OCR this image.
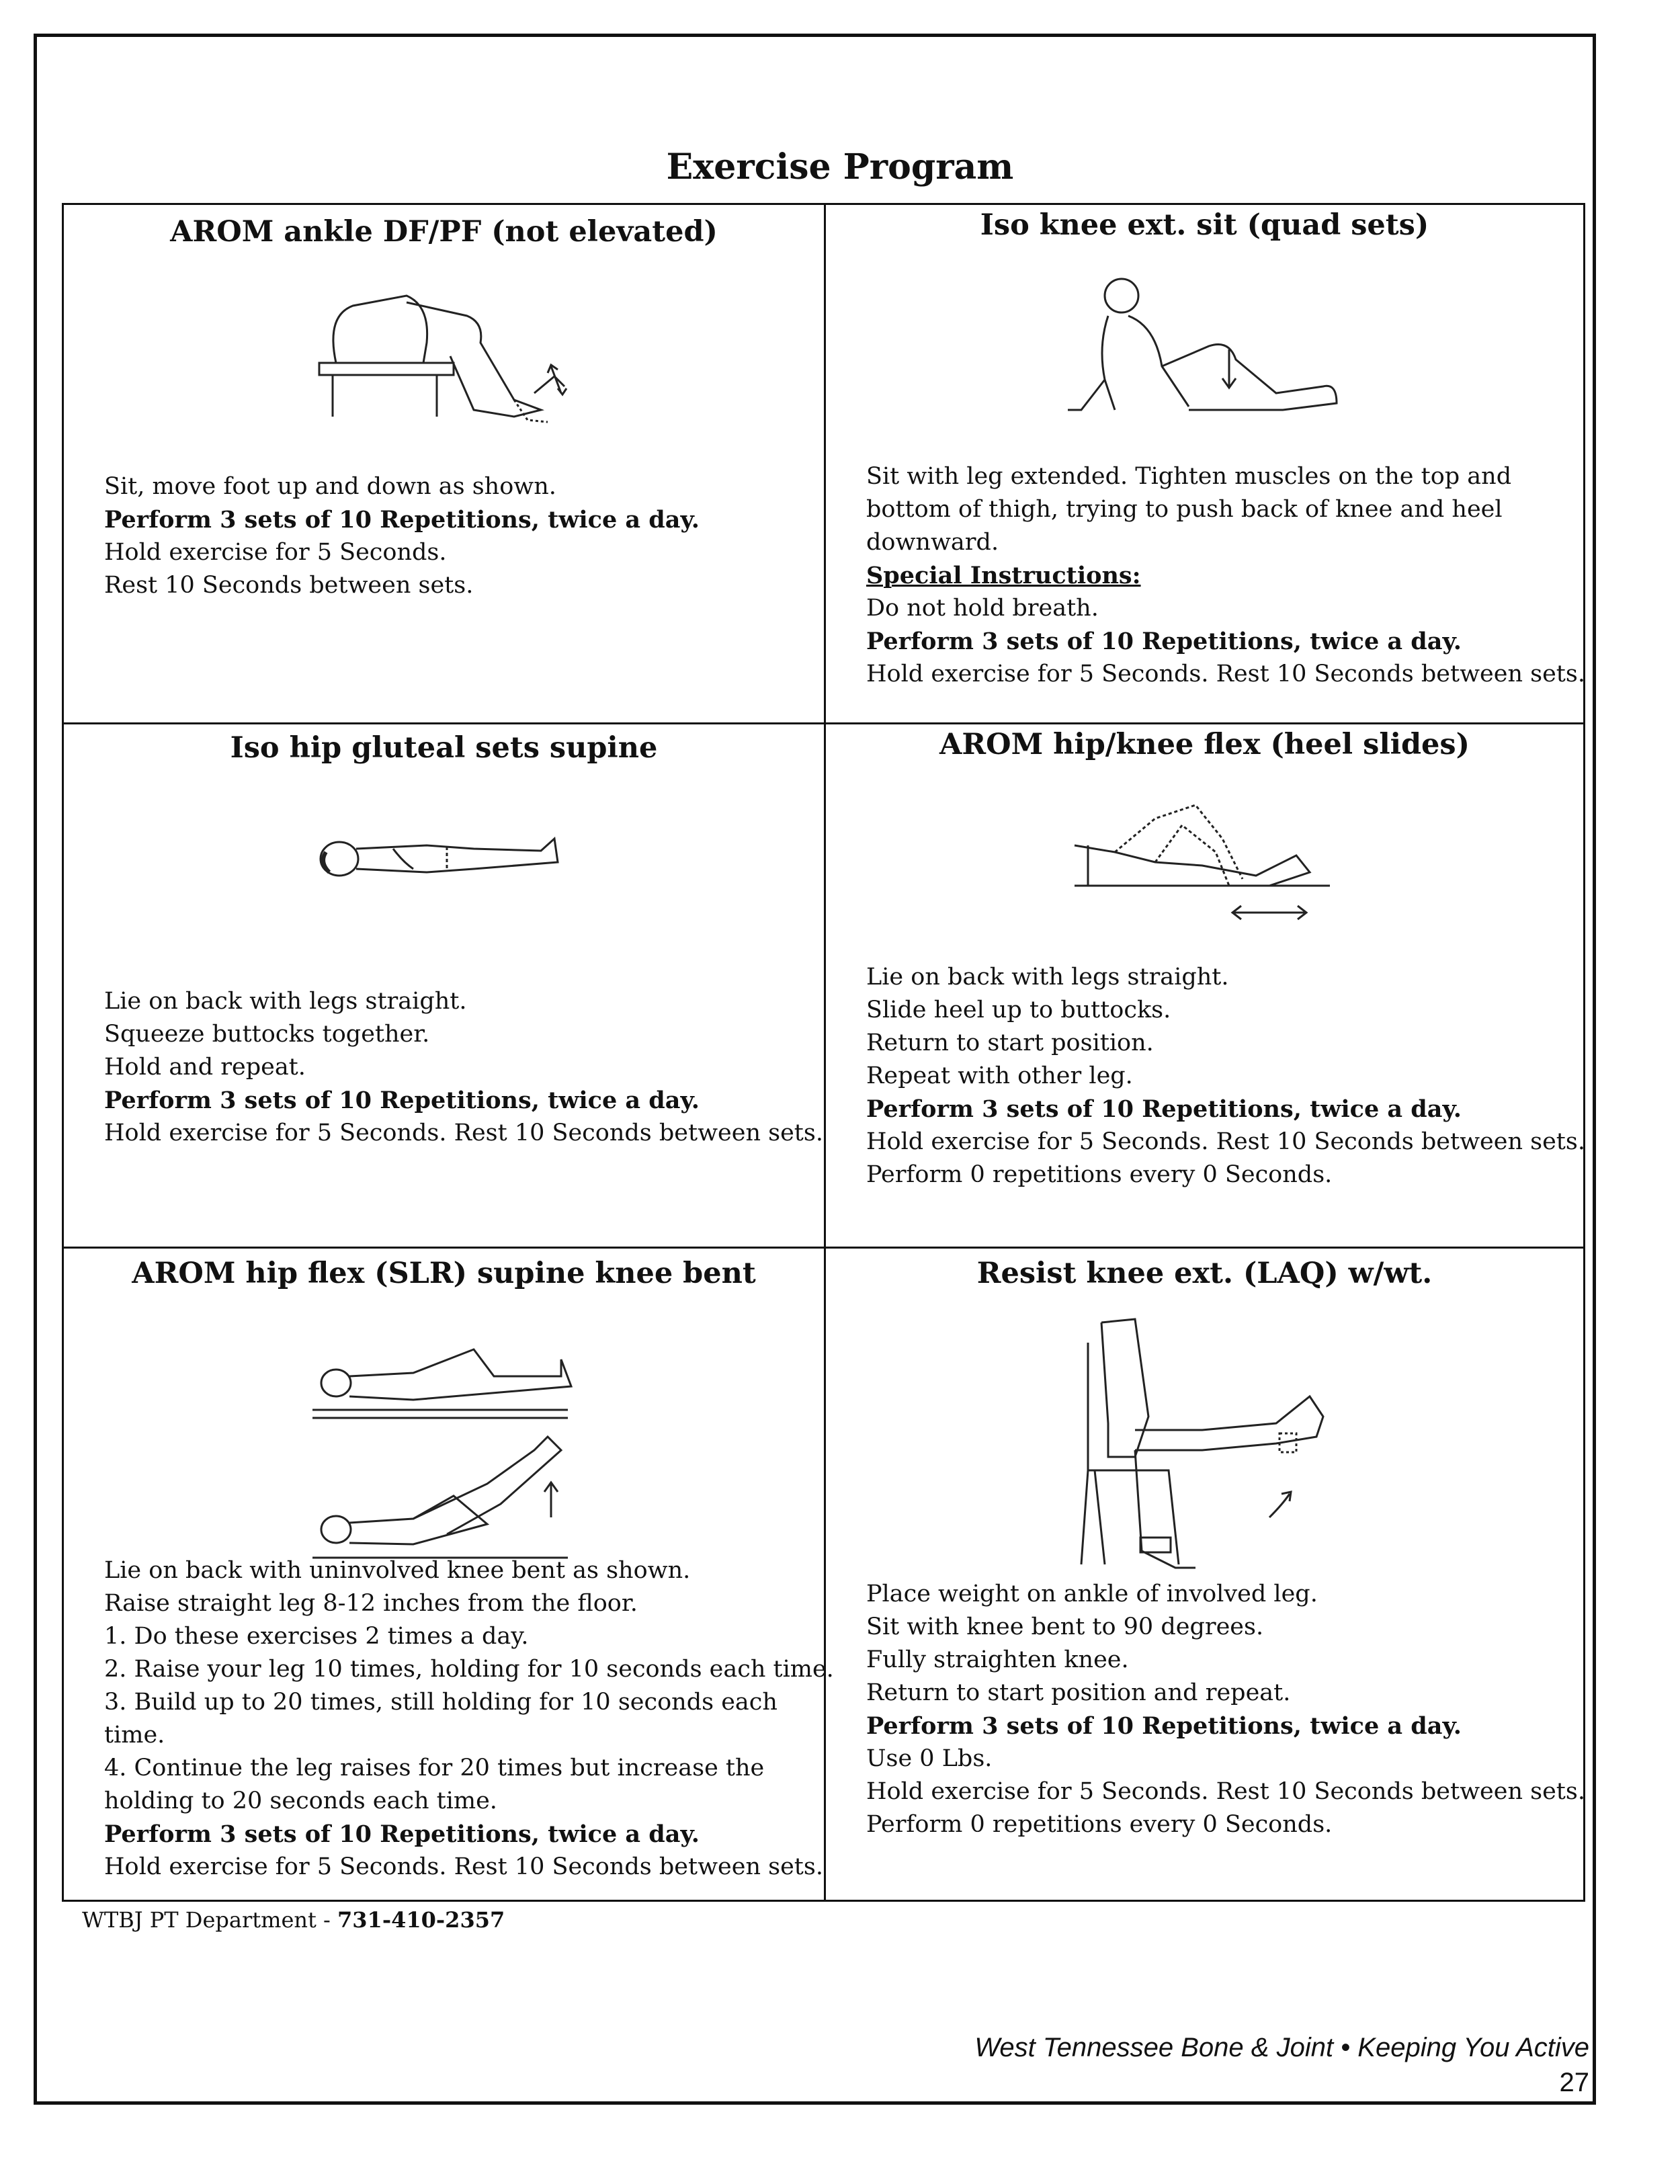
Exercise Program
AROM ankle DF/PF (not elevated)
Sit, move foot up and down as shown.
Perform 3 sets of 10 Repetitions, twice a day.
Hold exercise for 5 Seconds.
Rest 10 Seconds between sets.
Iso knee ext. sit (quad sets)
Sit with leg extended. Tighten muscles on the top and
bottom of thigh, trying to push back of knee and heel
downward.
Special Instructions:
Do not hold breath.
Perform 3 sets of 10 Repetitions, twice a day.
Hold exercise for 5 Seconds. Rest 10 Seconds between sets.
Iso hip gluteal sets supine
Lie on back with legs straight.
Squeeze buttocks together.
Hold and repeat.
Perform 3 sets of 10 Repetitions, twice a day.
Hold exercise for 5 Seconds. Rest 10 Seconds between sets.
AROM hip/knee flex (heel slides)
Lie on back with legs straight.
Slide heel up to buttocks.
Return to start position.
Repeat with other leg.
Perform 3 sets of 10 Repetitions, twice a day.
Hold exercise for 5 Seconds. Rest 10 Seconds between sets.
Perform 0 repetitions every 0 Seconds.
AROM hip flex (SLR) supine knee bent
Lie on back with uninvolved knee bent as shown.
Raise straight leg 8-12 inches from the floor.
1. Do these exercises 2 times a day.
2. Raise your leg 10 times, holding for 10 seconds each time.
3. Build up to 20 times, still holding for 10 seconds each
time.
4. Continue the leg raises for 20 times but increase the
holding to 20 seconds each time.
Perform 3 sets of 10 Repetitions, twice a day.
Hold exercise for 5 Seconds. Rest 10 Seconds between sets.
Resist knee ext. (LAQ) w/wt.
Place weight on ankle of involved leg.
Sit with knee bent to 90 degrees.
Fully straighten knee.
Return to start position and repeat.
Perform 3 sets of 10 Repetitions, twice a day.
Use 0 Lbs.
Hold exercise for 5 Seconds. Rest 10 Seconds between sets.
Perform 0 repetitions every 0 Seconds.
WTBJ PT Department - 731-410-2357
West Tennessee Bone & Joint • Keeping You Active
27
